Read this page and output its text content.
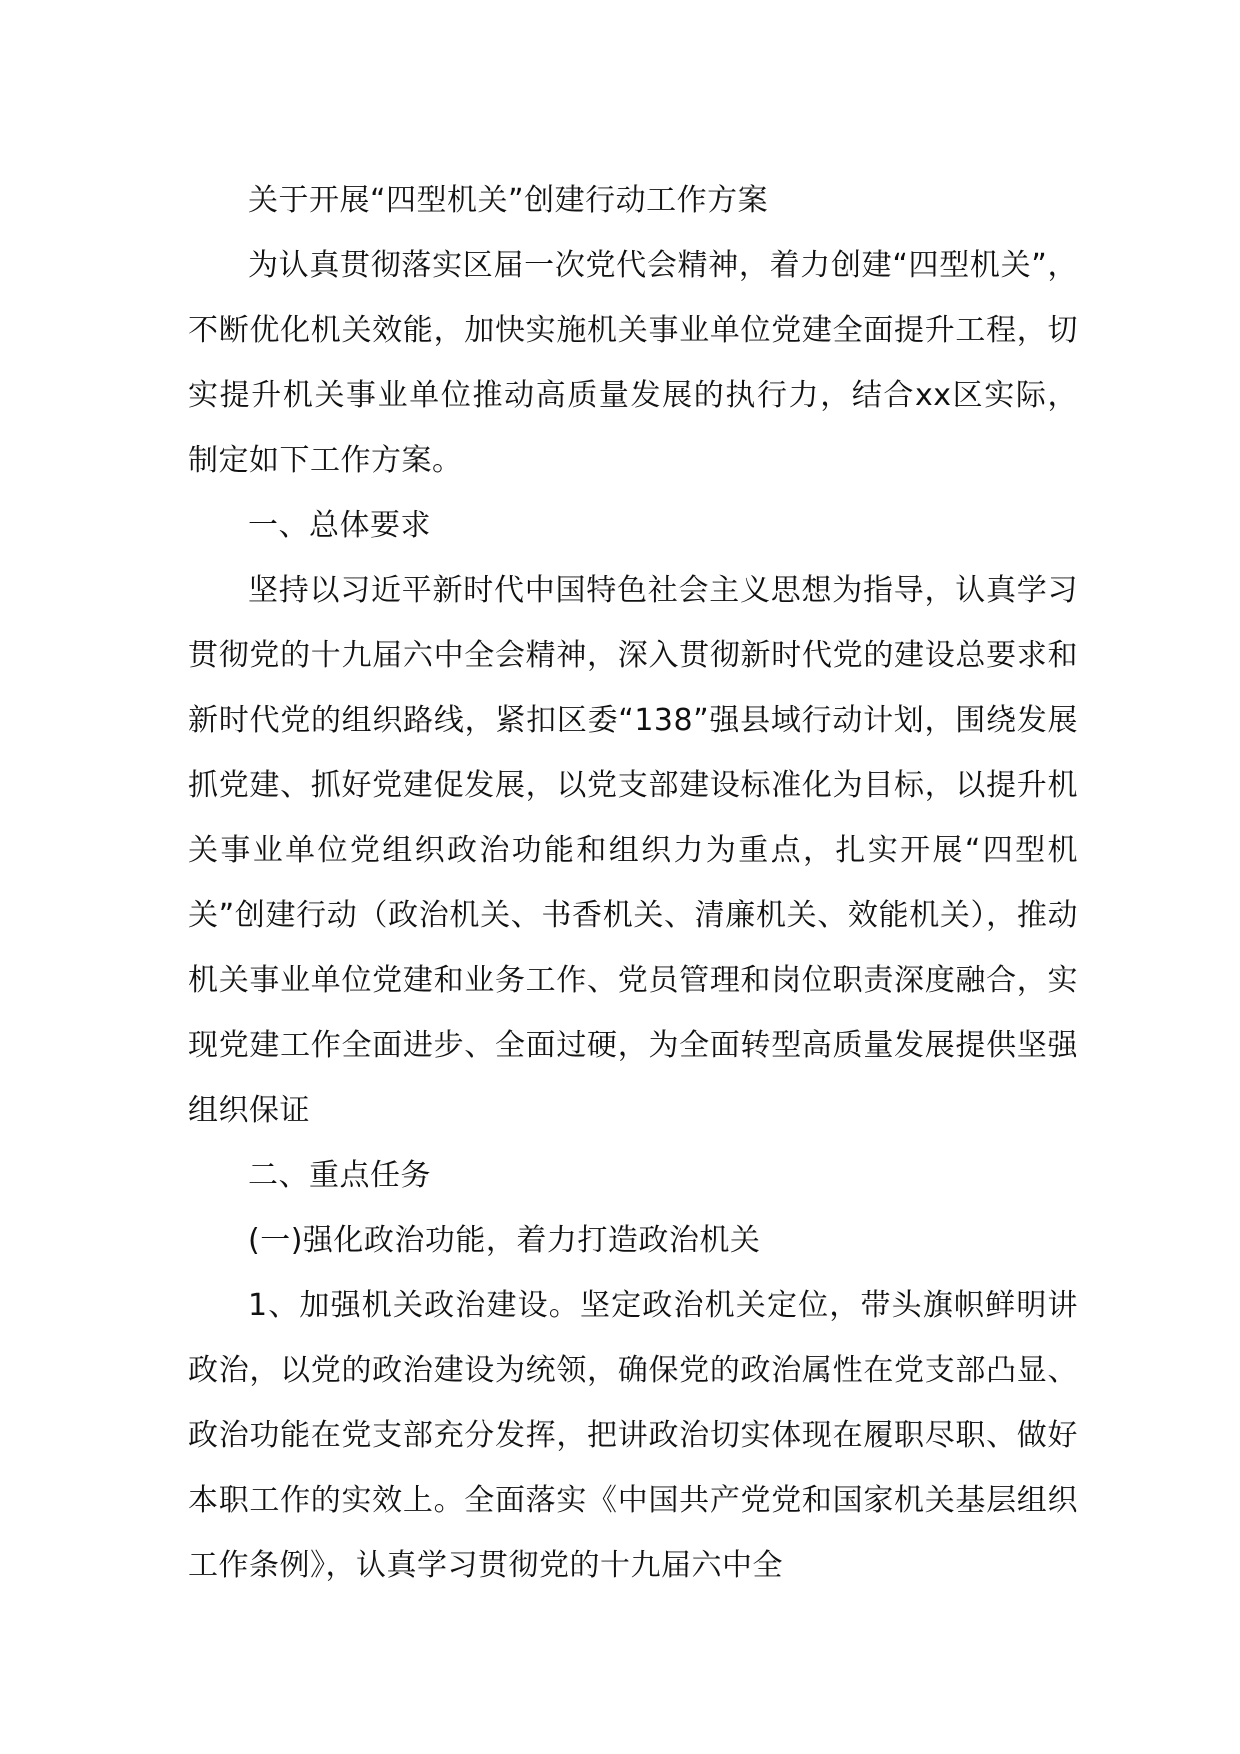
关于开展“四型机关”创建行动工作方案

为认真贯彻落实区届一次党代会精神，着力创建“四型机关”，不断优化机关效能，加快实施机关事业单位党建全面提升工程，切实提升机关事业单位推动高质量发展的执行力，结合xx区实际，制定如下工作方案。

一、总体要求

坚持以习近平新时代中国特色社会主义思想为指导，认真学习贯彻党的十九届六中全会精神，深入贯彻新时代党的建设总要求和新时代党的组织路线，紧扣区委“138”强县域行动计划，围绕发展抓党建、抓好党建促发展，以党支部建设标准化为目标，以提升机关事业单位党组织政治功能和组织力为重点，扎实开展“四型机关”创建行动（政治机关、书香机关、清廉机关、效能机关），推动机关事业单位党建和业务工作、党员管理和岗位职责深度融合，实现党建工作全面进步、全面过硬，为全面转型高质量发展提供坚强组织保证

二、重点任务

(一)强化政治功能，着力打造政治机关

1、加强机关政治建设。坚定政治机关定位，带头旗帜鲜明讲政治，以党的政治建设为统领，确保党的政治属性在党支部凸显、政治功能在党支部充分发挥，把讲政治切实体现在履职尽职、做好本职工作的实效上。全面落实《中国共产党党和国家机关基层组织工作条例》，认真学习贯彻党的十九届六中全
